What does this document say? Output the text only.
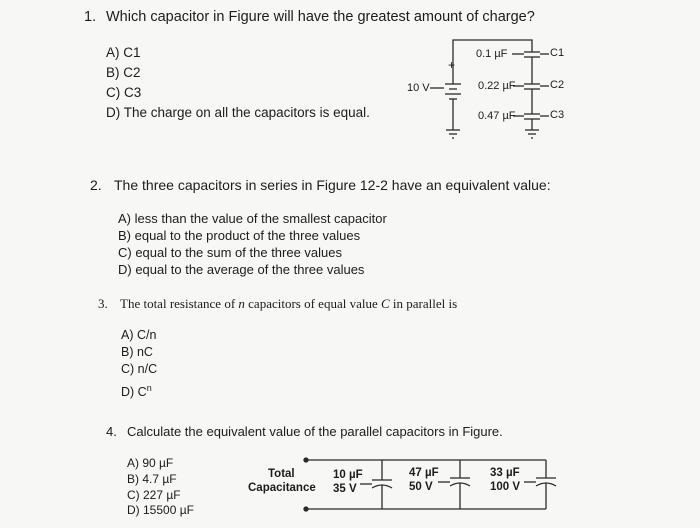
1. Which capacitor in Figure will have the greatest amount of charge?
A) C1
B) C2
C) C3
D) The charge on all the capacitors is equal.
+
10 V
0.1 µF	C1
0.22 µF	C2
0.47 µF	C3
2. The three capacitors in series in Figure 12-2 have an equivalent value:
A) less than the value of the smallest capacitor
B) equal to the product of the three values
C) equal to the sum of the three values
D) equal to the average of the three values
3. The total resistance of n capacitors of equal value C in parallel is
A) C/n
B) nC
C) n/C
D) $C^n$
4. Calculate the equivalent value of the parallel capacitors in Figure.
A) 90 µF
B) 4.7 µF
C) 227 µF
D) 15500 µF
Total
Capacitance
10 µF
35 V
47 µF
50 V
33 µF
100 V
